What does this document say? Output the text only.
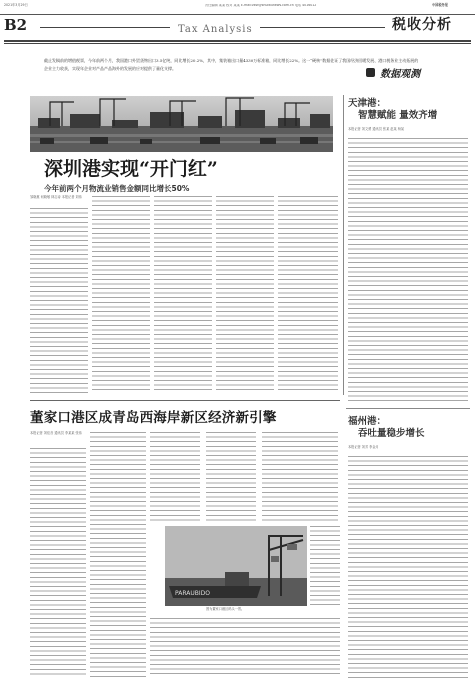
2021年3月29日	责任编辑 某某 校对 某某 E-mail:zxst@shuiwunews.com.cn 电话 4016012	中国税务报
B2	Tax Analysis	税收分析
截止发稿前的增值税票，今年前两个月，我国港口外贸货物出口3.5亿吨，同比增长20.2%，其中，集装箱出口量4330万标准箱，同比增长22%。这一“硬核”数据佐证了我国经济回暖发展、港口税务业主动拓展的企业主力收获，实现年企业对产品产品海外的发展的应对提供了量化支撑。
数据观测
深圳港实现“开门红”
今年前两个月物流业销售金额同比增长50%
邹晓惠 何晓敏 林志诗 本报记者 刘伟
天津港：
智慧赋能 量效齐增
本报记者 刘文勇 通讯员 张某 赵某 杨某
福州港：
吞吐量稳步增长
本报记者 刘芳 李金月
董家口港区成青岛西海岸新区经济新引擎
本报记者 刘佳音 通讯员 李某某 张伟
PARAUBIDO
图为董家口港区码头一景。
